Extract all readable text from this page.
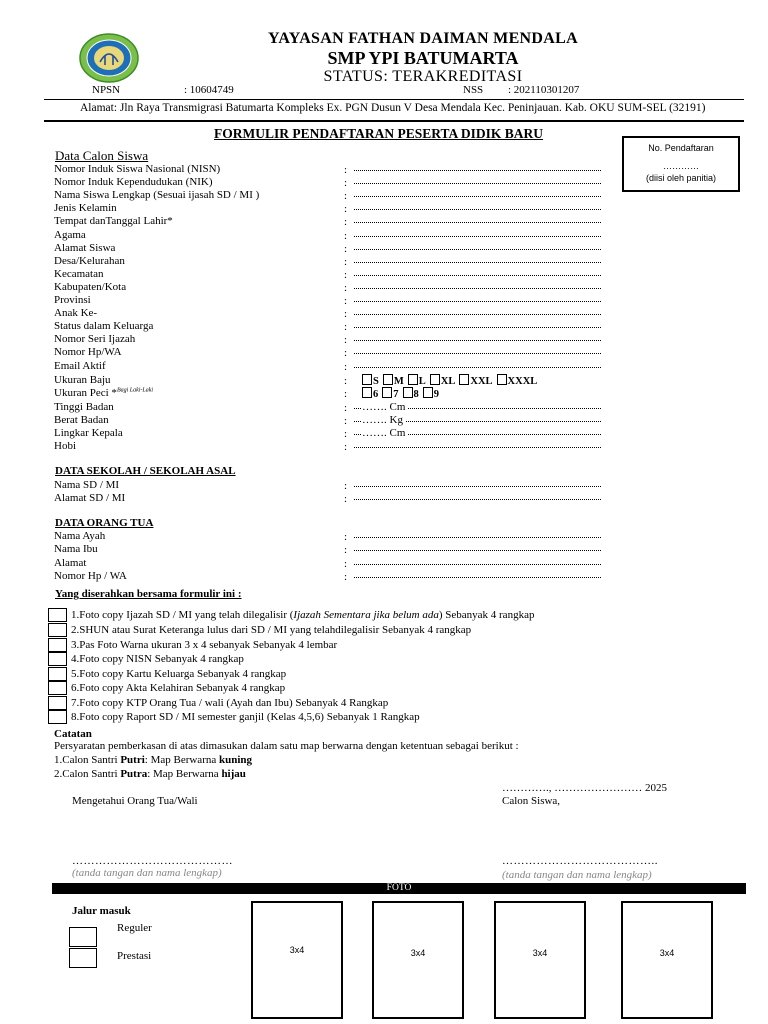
YAYASAN FATHAN DAIMAN MENDALA
SMP YPI BATUMARTA
STATUS: TERAKREDITASI
NPSN	: 10604749	NSS : 202110301207
Alamat: Jln Raya Transmigrasi Batumarta Kompleks Ex. PGN Dusun V Desa Mendala Kec. Peninjauan. Kab. OKU SUM-SEL (32191)
FORMULIR PENDAFTARAN PESERTA DIDIK BARU
No. Pendaftaran
…………
(diisi oleh panitia)
Data Calon Siswa
Nomor Induk Siswa Nasional (NISN)	:
Nomor Induk Kependudukan (NIK)	:
Nama Siswa Lengkap (Sesuai ijasah SD / MI )	:
Jenis Kelamin	:
Tempat danTanggal Lahir*	:
Agama	:
Alamat Siswa	:
Desa/Kelurahan	:
Kecamatan	:
Kabupaten/Kota	:
Provinsi	:
Anak Ke-	:
Status dalam Keluarga	:
Nomor Seri Ijazah	:
Nomor Hp/WA	:
Email Aktif	:
Ukuran Baju	:	S M L XL XXL XXXL
Ukuran Peci *$^{Bagi Laki-Laki}$	:	6 7 8 9
Tinggi Badan	: ……. Cm
Berat Badan	: ……. Kg
Lingkar Kepala	: ……. Cm
Hobi	:
DATA SEKOLAH / SEKOLAH ASAL
Nama SD / MI	:
Alamat SD / MI	:
DATA ORANG TUA
Nama Ayah	:
Nama Ibu	:
Alamat	:
Nomor Hp / WA	:
Yang diserahkan bersama formulir ini :
1.Foto copy Ijazah SD / MI yang telah dilegalisir (Ijazah Sementara jika belum ada) Sebanyak 4 rangkap
2.SHUN atau Surat Keteranga lulus dari SD / MI yang telahdilegalisir Sebanyak 4 rangkap
3.Pas Foto Warna ukuran 3 x 4 sebanyak Sebanyak 4 lembar
4.Foto copy NISN Sebanyak 4 rangkap
5.Foto copy Kartu Keluarga Sebanyak 4 rangkap
6.Foto copy Akta Kelahiran Sebanyak 4 rangkap
7.Foto copy KTP Orang Tua / wali (Ayah dan Ibu) Sebanyak 4 Rangkap
8.Foto copy Raport SD / MI semester ganjil (Kelas 4,5,6) Sebanyak 1 Rangkap
Catatan
Persyaratan pemberkasan di atas dimasukan dalam satu map berwarna dengan ketentuan sebagai berikut :
1.Calon Santri Putri: Map Berwarna kuning
2.Calon Santri Putra: Map Berwarna hijau
…………., …………………… 2025
Mengetahui Orang Tua/Wali	Calon Siswa,
……………………………………	…………………………………..
(tanda tangan dan nama lengkap)	(tanda tangan dan nama lengkap)
FOTO
Jalur masuk
Reguler
Prestasi	3x4	3x4	3x4	3x4
